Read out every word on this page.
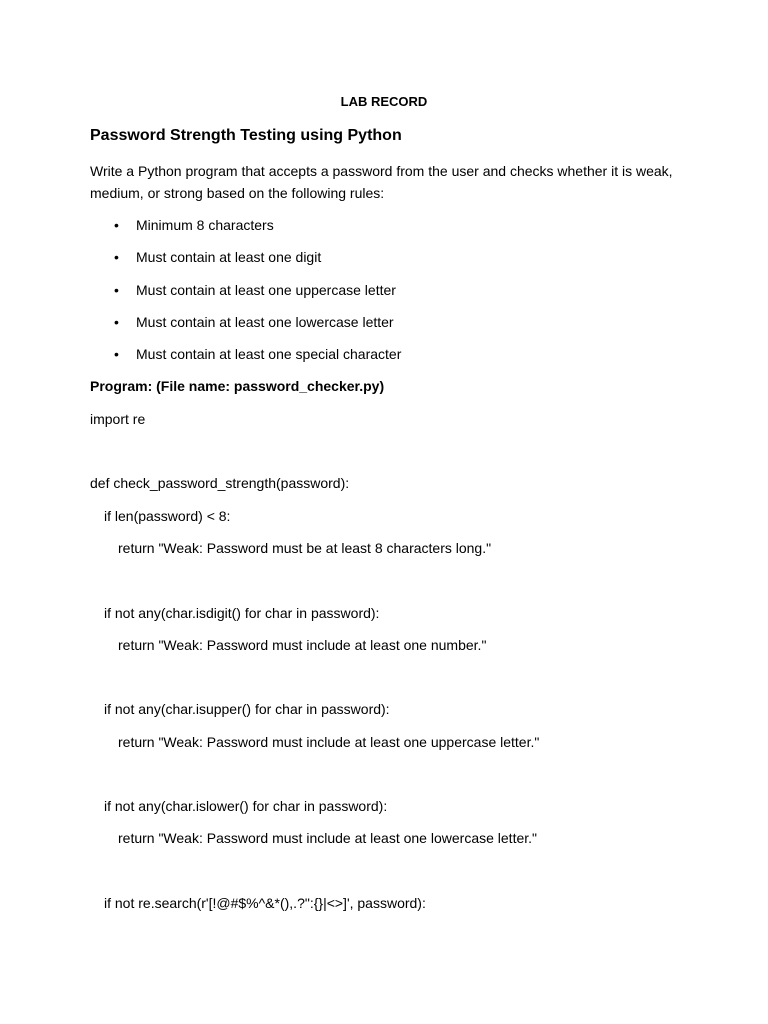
LAB RECORD
Password Strength Testing using Python
Write a Python program that accepts a password from the user and checks whether it is weak,
medium, or strong based on the following rules:
• Minimum 8 characters
• Must contain at least one digit
• Must contain at least one uppercase letter
• Must contain at least one lowercase letter
• Must contain at least one special character
Program: (File name: password_checker.py)
import re
def check_password_strength(password):
if len(password) < 8:
return "Weak: Password must be at least 8 characters long."
if not any(char.isdigit() for char in password):
return "Weak: Password must include at least one number."
if not any(char.isupper() for char in password):
return "Weak: Password must include at least one uppercase letter."
if not any(char.islower() for char in password):
return "Weak: Password must include at least one lowercase letter."
if not re.search(r'[!@#$%^&*(),.?":{}|<>]', password):
